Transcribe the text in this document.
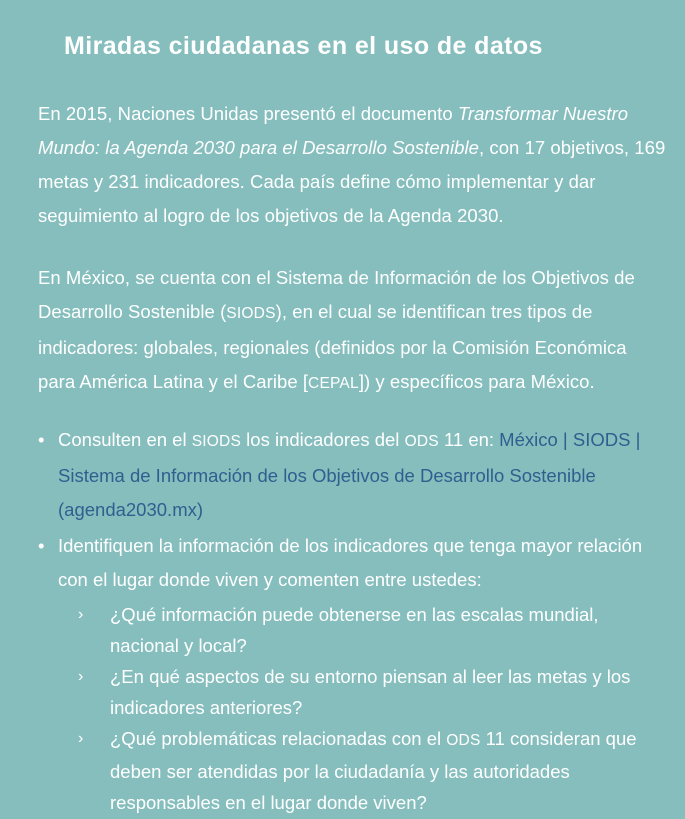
Miradas ciudadanas en el uso de datos

En 2015, Naciones Unidas presentó el documento Transformar Nuestro Mundo: la Agenda 2030 para el Desarrollo Sostenible, con 17 objetivos, 169 metas y 231 indicadores. Cada país define cómo implementar y dar seguimiento al logro de los objetivos de la Agenda 2030.

En México, se cuenta con el Sistema de Información de los Objetivos de Desarrollo Sostenible (SIODS), en el cual se identifican tres tipos de indicadores: globales, regionales (definidos por la Comisión Económica para América Latina y el Caribe [CEPAL]) y específicos para México.

• Consulten en el SIODS los indicadores del ODS 11 en: México | SIODS | Sistema de Información de los Objetivos de Desarrollo Sostenible (agenda2030.mx)
• Identifiquen la información de los indicadores que tenga mayor relación con el lugar donde viven y comenten entre ustedes:
› ¿Qué información puede obtenerse en las escalas mundial, nacional y local?
› ¿En qué aspectos de su entorno piensan al leer las metas y los indicadores anteriores?
› ¿Qué problemáticas relacionadas con el ODS 11 consideran que deben ser atendidas por la ciudadanía y las autoridades responsables en el lugar donde viven?
